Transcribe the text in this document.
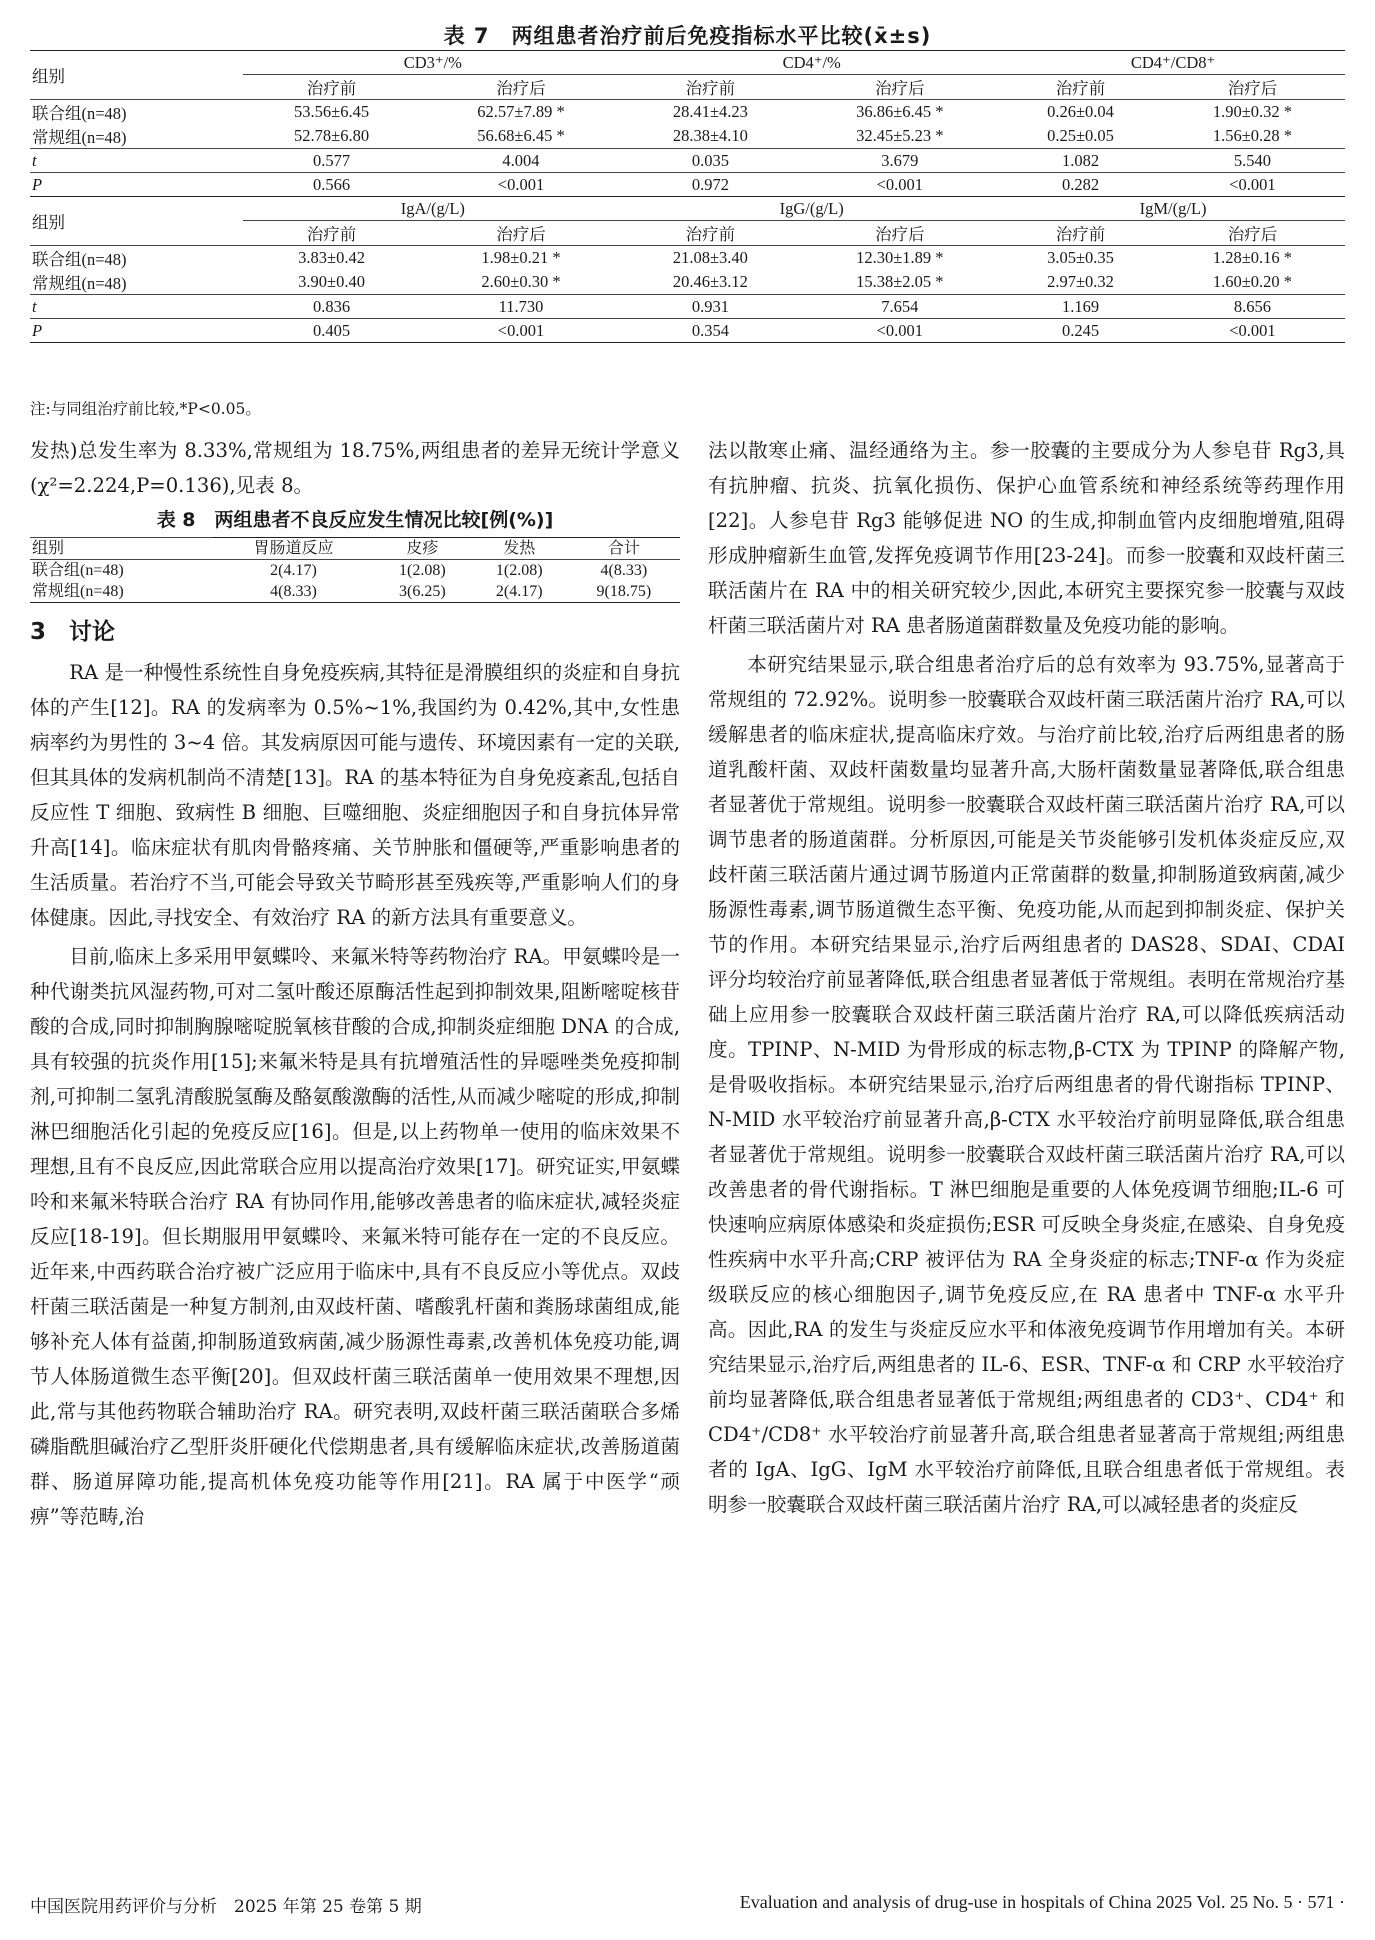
表 7　两组患者治疗前后免疫指标水平比较(x̄±s)
组别	CD3⁺/%		CD4⁺/%		CD4⁺/CD8⁺	
	治疗前	治疗后	治疗前	治疗后	治疗前	治疗后
联合组(n=48)	53.56±6.45	62.57±7.89 *	28.41±4.23	36.86±6.45 *	0.26±0.04	1.90±0.32 *
常规组(n=48)	52.78±6.80	56.68±6.45 *	28.38±4.10	32.45±5.23 *	0.25±0.05	1.56±0.28 *
t	0.577	4.004	0.035	3.679	1.082	5.540
P	0.566	<0.001	0.972	<0.001	0.282	<0.001
组别	IgA/(g/L)		IgG/(g/L)		IgM/(g/L)	
	治疗前	治疗后	治疗前	治疗后	治疗前	治疗后
联合组(n=48)	3.83±0.42	1.98±0.21 *	21.08±3.40	12.30±1.89 *	3.05±0.35	1.28±0.16 *
常规组(n=48)	3.90±0.40	2.60±0.30 *	20.46±3.12	15.38±2.05 *	2.97±0.32	1.60±0.20 *
t	0.836	11.730	0.931	7.654	1.169	8.656
P	0.405	<0.001	0.354	<0.001	0.245	<0.001
注:与同组治疗前比较,*P<0.05。

发热)总发生率为 8.33%,常规组为 18.75%,两组患者的差异无统计学意义(χ²=2.224,P=0.136),见表 8。

表 8　两组患者不良反应发生情况比较[例(%)]
组别	胃肠道反应	皮疹	发热	合计
联合组(n=48)	2(4.17)	1(2.08)	1(2.08)	4(8.33)
常规组(n=48)	4(8.33)	3(6.25)	2(4.17)	9(18.75)
3　讨论

RA 是一种慢性系统性自身免疫疾病,其特征是滑膜组织的炎症和自身抗体的产生[12]。RA 的发病率为 0.5%~1%,我国约为 0.42%,其中,女性患病率约为男性的 3~4 倍。其发病原因可能与遗传、环境因素有一定的关联,但其具体的发病机制尚不清楚[13]。RA 的基本特征为自身免疫紊乱,包括自反应性 T 细胞、致病性 B 细胞、巨噬细胞、炎症细胞因子和自身抗体异常升高[14]。临床症状有肌肉骨骼疼痛、关节肿胀和僵硬等,严重影响患者的生活质量。若治疗不当,可能会导致关节畸形甚至残疾等,严重影响人们的身体健康。因此,寻找安全、有效治疗 RA 的新方法具有重要意义。

目前,临床上多采用甲氨蝶呤、来氟米特等药物治疗 RA。甲氨蝶呤是一种代谢类抗风湿药物,可对二氢叶酸还原酶活性起到抑制效果,阻断嘧啶核苷酸的合成,同时抑制胸腺嘧啶脱氧核苷酸的合成,抑制炎症细胞 DNA 的合成,具有较强的抗炎作用[15];来氟米特是具有抗增殖活性的异噁唑类免疫抑制剂,可抑制二氢乳清酸脱氢酶及酪氨酸激酶的活性,从而减少嘧啶的形成,抑制淋巴细胞活化引起的免疫反应[16]。但是,以上药物单一使用的临床效果不理想,且有不良反应,因此常联合应用以提高治疗效果[17]。研究证实,甲氨蝶呤和来氟米特联合治疗 RA 有协同作用,能够改善患者的临床症状,减轻炎症反应[18-19]。但长期服用甲氨蝶呤、来氟米特可能存在一定的不良反应。近年来,中西药联合治疗被广泛应用于临床中,具有不良反应小等优点。双歧杆菌三联活菌是一种复方制剂,由双歧杆菌、嗜酸乳杆菌和粪肠球菌组成,能够补充人体有益菌,抑制肠道致病菌,减少肠源性毒素,改善机体免疫功能,调节人体肠道微生态平衡[20]。但双歧杆菌三联活菌单一使用效果不理想,因此,常与其他药物联合辅助治疗 RA。研究表明,双歧杆菌三联活菌联合多烯磷脂酰胆碱治疗乙型肝炎肝硬化代偿期患者,具有缓解临床症状,改善肠道菌群、肠道屏障功能,提高机体免疫功能等作用[21]。RA 属于中医学“顽痹”等范畴,治

法以散寒止痛、温经通络为主。参一胶囊的主要成分为人参皂苷 Rg3,具有抗肿瘤、抗炎、抗氧化损伤、保护心血管系统和神经系统等药理作用[22]。人参皂苷 Rg3 能够促进 NO 的生成,抑制血管内皮细胞增殖,阻碍形成肿瘤新生血管,发挥免疫调节作用[23-24]。而参一胶囊和双歧杆菌三联活菌片在 RA 中的相关研究较少,因此,本研究主要探究参一胶囊与双歧杆菌三联活菌片对 RA 患者肠道菌群数量及免疫功能的影响。

本研究结果显示,联合组患者治疗后的总有效率为 93.75%,显著高于常规组的 72.92%。说明参一胶囊联合双歧杆菌三联活菌片治疗 RA,可以缓解患者的临床症状,提高临床疗效。与治疗前比较,治疗后两组患者的肠道乳酸杆菌、双歧杆菌数量均显著升高,大肠杆菌数量显著降低,联合组患者显著优于常规组。说明参一胶囊联合双歧杆菌三联活菌片治疗 RA,可以调节患者的肠道菌群。分析原因,可能是关节炎能够引发机体炎症反应,双歧杆菌三联活菌片通过调节肠道内正常菌群的数量,抑制肠道致病菌,减少肠源性毒素,调节肠道微生态平衡、免疫功能,从而起到抑制炎症、保护关节的作用。本研究结果显示,治疗后两组患者的 DAS28、SDAI、CDAI 评分均较治疗前显著降低,联合组患者显著低于常规组。表明在常规治疗基础上应用参一胶囊联合双歧杆菌三联活菌片治疗 RA,可以降低疾病活动度。TPINP、N-MID 为骨形成的标志物,β-CTX 为 TPINP 的降解产物,是骨吸收指标。本研究结果显示,治疗后两组患者的骨代谢指标 TPINP、N-MID 水平较治疗前显著升高,β-CTX 水平较治疗前明显降低,联合组患者显著优于常规组。说明参一胶囊联合双歧杆菌三联活菌片治疗 RA,可以改善患者的骨代谢指标。T 淋巴细胞是重要的人体免疫调节细胞;IL-6 可快速响应病原体感染和炎症损伤;ESR 可反映全身炎症,在感染、自身免疫性疾病中水平升高;CRP 被评估为 RA 全身炎症的标志;TNF-α 作为炎症级联反应的核心细胞因子,调节免疫反应,在 RA 患者中 TNF-α 水平升高。因此,RA 的发生与炎症反应水平和体液免疫调节作用增加有关。本研究结果显示,治疗后,两组患者的 IL-6、ESR、TNF-α 和 CRP 水平较治疗前均显著降低,联合组患者显著低于常规组;两组患者的 CD3⁺、CD4⁺ 和 CD4⁺/CD8⁺ 水平较治疗前显著升高,联合组患者显著高于常规组;两组患者的 IgA、IgG、IgM 水平较治疗前降低,且联合组患者低于常规组。表明参一胶囊联合双歧杆菌三联活菌片治疗 RA,可以减轻患者的炎症反

中国医院用药评价与分析　2025 年第 25 卷第 5 期	Evaluation and analysis of drug-use in hospitals of China 2025 Vol. 25 No. 5 · 571 ·
